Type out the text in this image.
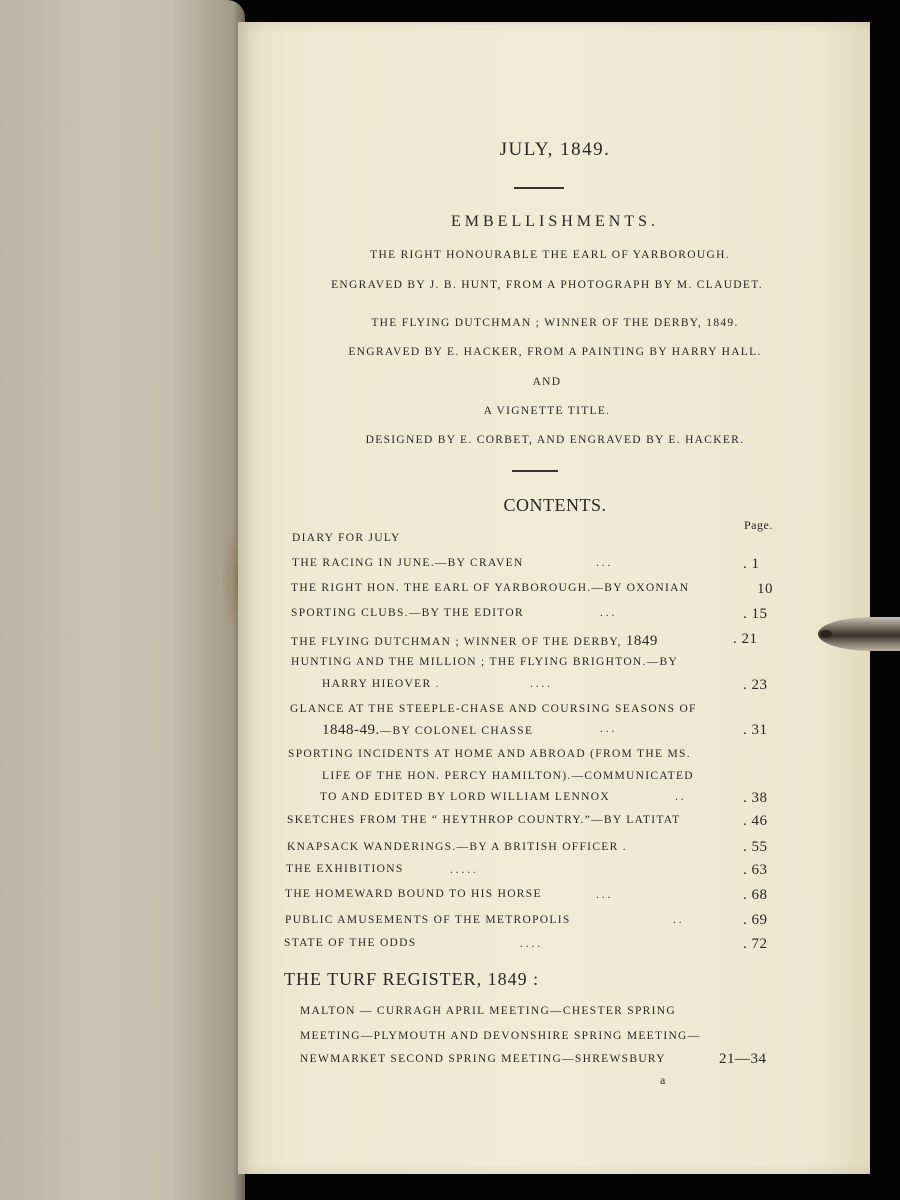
JULY, 1849.
EMBELLISHMENTS.
THE RIGHT HONOURABLE THE EARL OF YARBOROUGH.
ENGRAVED BY J. B. HUNT, FROM A PHOTOGRAPH BY M. CLAUDET.
THE FLYING DUTCHMAN ; WINNER OF THE DERBY, 1849.
ENGRAVED BY E. HACKER, FROM A PAINTING BY HARRY HALL.
AND
A VIGNETTE TITLE.
DESIGNED BY E. CORBET, AND ENGRAVED BY E. HACKER.
CONTENTS.
Page.
DIARY FOR JULY
THE RACING IN JUNE.—BY CRAVEN	. . .	. 1
THE RIGHT HON. THE EARL OF YARBOROUGH.—BY OXONIAN	10
SPORTING CLUBS.—BY THE EDITOR	. . .	. 15
THE FLYING DUTCHMAN ; WINNER OF THE DERBY, 1849	. 21
HUNTING AND THE MILLION ; THE FLYING BRIGHTON.—BY
HARRY HIEOVER .	. . . .	. 23
GLANCE AT THE STEEPLE-CHASE AND COURSING SEASONS OF
1848-49.—BY COLONEL CHASSE	. . .	. 31
SPORTING INCIDENTS AT HOME AND ABROAD (FROM THE MS.
LIFE OF THE HON. PERCY HAMILTON).—COMMUNICATED
TO AND EDITED BY LORD WILLIAM LENNOX	. .	. 38
SKETCHES FROM THE “ HEYTHROP COUNTRY.”—BY LATITAT	. 46
KNAPSACK WANDERINGS.—BY A BRITISH OFFICER .	. 55
THE EXHIBITIONS	. . . . .	. 63
THE HOMEWARD BOUND TO HIS HORSE	. . .	. 68
PUBLIC AMUSEMENTS OF THE METROPOLIS	. .	. 69
STATE OF THE ODDS	. . . .	. 72
THE TURF REGISTER, 1849 :
MALTON — CURRAGH APRIL MEETING—CHESTER SPRING
MEETING—PLYMOUTH AND DEVONSHIRE SPRING MEETING—
NEWMARKET SECOND SPRING MEETING—SHREWSBURY	21—34
a
